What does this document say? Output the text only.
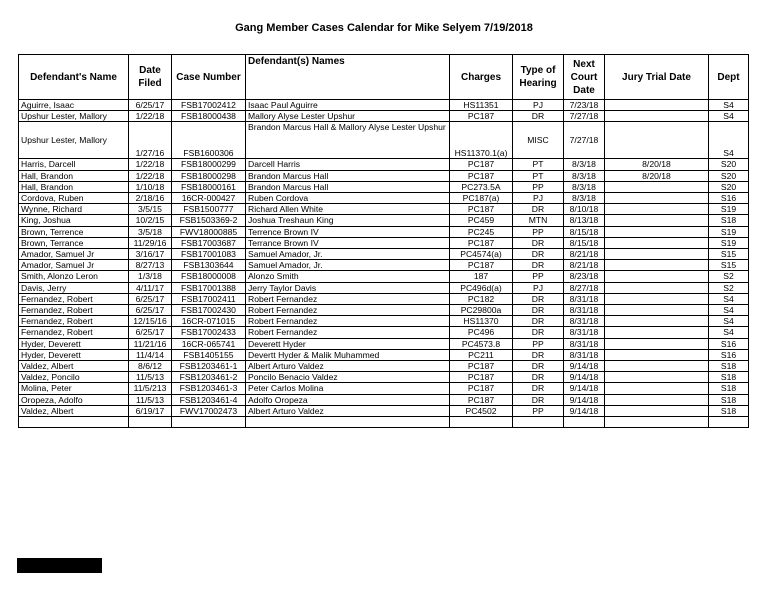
Gang Member Cases Calendar for Mike Selyem 7/19/2018
Defendant's Name	Date Filed	Case Number	Defendant(s) Names	Charges	Type of Hearing	Next Court Date	Jury Trial Date	Dept
Aguirre, Isaac	6/25/17	FSB17002412	Isaac Paul Aguirre	HS11351	PJ	7/23/18		S4
Upshur Lester, Mallory	1/22/18	FSB18000438	Mallory Alyse Lester Upshur	PC187	DR	7/27/18		S4
Upshur Lester, Mallory	1/27/16	FSB1600306	Brandon Marcus Hall & Mallory Alyse Lester Upshur	HS11370.1(a)	MISC	7/27/18		S4
Harris, Darcell	1/22/18	FSB18000299	Darcell Harris	PC187	PT	8/3/18	8/20/18	S20
Hall, Brandon	1/22/18	FSB18000298	Brandon Marcus Hall	PC187	PT	8/3/18	8/20/18	S20
Hall, Brandon	1/10/18	FSB18000161	Brandon Marcus Hall	PC273.5A	PP	8/3/18		S20
Cordova, Ruben	2/18/16	16CR-000427	Ruben Cordova	PC187(a)	PJ	8/3/18		S16
Wynne, Richard	3/5/15	FSB1500777	Richard Allen White	PC187	DR	8/10/18		S19
King, Joshua	10/2/15	FSB1503369-2	Joshua Treshaun King	PC459	MTN	8/13/18		S18
Brown, Terrence	3/5/18	FWV18000885	Terrence Brown IV	PC245	PP	8/15/18		S19
Brown, Terrance	11/29/16	FSB17003687	Terrance Brown IV	PC187	DR	8/15/18		S19
Amador, Samuel Jr	3/16/17	FSB17001083	Samuel Amador, Jr.	PC4574(a)	DR	8/21/18		S15
Amador, Samuel Jr	8/27/13	FSB1303644	Samuel Amador, Jr.	PC187	DR	8/21/18		S15
Smith, Alonzo Leron	1/3/18	FSB18000008	Alonzo Smith	187	PP	8/23/18		S2
Davis, Jerry	4/11/17	FSB17001388	Jerry Taylor Davis	PC496d(a)	PJ	8/27/18		S2
Fernandez, Robert	6/25/17	FSB17002411	Robert Fernandez	PC182	DR	8/31/18		S4
Fernandez, Robert	6/25/17	FSB17002430	Robert Fernandez	PC29800a	DR	8/31/18		S4
Fernandez, Robert	12/15/16	16CR-071015	Robert Fernandez	HS11370	DR	8/31/18		S4
Fernandez, Robert	6/25/17	FSB17002433	Robert Fernandez	PC496	DR	8/31/18		S4
Hyder, Deverett	11/21/16	16CR-065741	Deverett Hyder	PC4573.8	PP	8/31/18		S16
Hyder, Deverett	11/4/14	FSB1405155	Devertt Hyder & Malik Muhammed	PC211	DR	8/31/18		S16
Valdez, Albert	8/6/12	FSB1203461-1	Albert Arturo Valdez	PC187	DR	9/14/18		S18
Valdez, Poncilo	11/5/13	FSB1203461-2	Poncilo Benacio Valdez	PC187	DR	9/14/18		S18
Molina, Peter	11/5/213	FSB1203461-3	Peter Carlos Molina	PC187	DR	9/14/18		S18
Oropeza, Adolfo	11/5/13	FSB1203461-4	Adolfo Oropeza	PC187	DR	9/14/18		S18
Valdez, Albert	6/19/17	FWV17002473	Albert Arturo Valdez	PC4502	PP	9/14/18		S18
